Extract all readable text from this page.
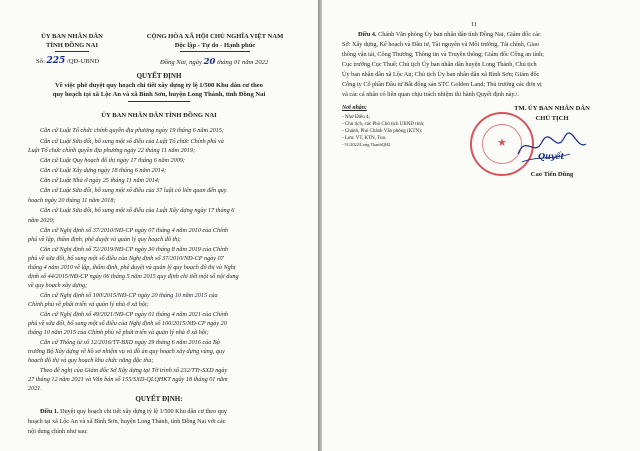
ỦY BAN NHÂN DÂN
TỈNH ĐỒNG NAI
CỘNG HÒA XÃ HỘI CHỦ NGHĨA VIỆT NAM
Độc lập - Tự do - Hạnh phúc
Số: 225 /QĐ-UBND	Đồng Nai, ngày 20 tháng 01 năm 2022
QUYẾT ĐỊNH
Về việc phê duyệt quy hoạch chi tiết xây dựng tỷ lệ 1/500 Khu dân cư theo
quy hoạch tại xã Lộc An và xã Bình Sơn, huyện Long Thành, tỉnh Đồng Nai
ỦY BAN NHÂN DÂN TỈNH ĐỒNG NAI
Căn cứ Luật Tổ chức chính quyền địa phương ngày 19 tháng 6 năm 2015;
Căn cứ Luật Sửa đổi, bổ sung một số điều của Luật Tổ chức Chính phủ và
Luật Tổ chức chính quyền địa phương ngày 22 tháng 11 năm 2019;
Căn cứ Luật Quy hoạch đô thị ngày 17 tháng 6 năm 2009;
Căn cứ Luật Xây dựng ngày 18 tháng 6 năm 2014;
Căn cứ Luật Nhà ở ngày 25 tháng 11 năm 2014;
Căn cứ Luật Sửa đổi, bổ sung một số điều của 37 luật có liên quan đến quy
hoạch ngày 20 tháng 11 năm 2018;
Căn cứ Luật Sửa đổi, bổ sung một số điều của Luật Xây dựng ngày 17 tháng 6
năm 2020;
Căn cứ Nghị định số 37/2010/NĐ-CP ngày 07 tháng 4 năm 2010 của Chính
phủ về lập, thẩm định, phê duyệt và quản lý quy hoạch đô thị;
Căn cứ Nghị định số 72/2019/NĐ-CP ngày 30 tháng 8 năm 2019 của Chính
phủ về sửa đổi, bổ sung một số điều của Nghị định số 37/2010/NĐ-CP ngày 07
tháng 4 năm 2010 về lập, thẩm định, phê duyệt và quản lý quy hoạch đô thị và Nghị
định số 44/2015/NĐ-CP ngày 06 tháng 5 năm 2015 quy định chi tiết một số nội dung
về quy hoạch xây dựng;
Căn cứ Nghị định số 100/2015/NĐ-CP ngày 20 tháng 10 năm 2015 của
Chính phủ về phát triển và quản lý nhà ở xã hội;
Căn cứ Nghị định số 49/2021/NĐ-CP ngày 01 tháng 4 năm 2021 của Chính
phủ về sửa đổi, bổ sung một số điều của Nghị định số 100/2015/NĐ-CP ngày 20
tháng 10 năm 2015 của Chính phủ về phát triển và quản lý nhà ở xã hội;
Căn cứ Thông tư số 12/2016/TT-BXD ngày 29 tháng 6 năm 2016 của Bộ
trưởng Bộ Xây dựng về hồ sơ nhiệm vụ và đồ án quy hoạch xây dựng vùng, quy
hoạch đô thị và quy hoạch khu chức năng đặc thù;
Theo đề nghị của Giám đốc Sở Xây dựng tại Tờ trình số 232/TTr-SXD ngày
27 tháng 12 năm 2021 và Văn bản số 155/SXD-QLQHKT ngày 18 tháng 01 năm
2021.
QUYẾT ĐỊNH:
Điều 1. Duyệt quy hoạch chi tiết xây dựng tỷ lệ 1/500 Khu dân cư theo quy
hoạch tại xã Lộc An và xã Bình Sơn, huyện Long Thành, tỉnh Đồng Nai với các
nội dung chính như sau:
11
Điều 4. Chánh Văn phòng Ủy ban nhân dân tỉnh Đồng Nai, Giám đốc các
Sở: Xây dựng, Kế hoạch và Đầu tư, Tài nguyên và Môi trường, Tài chính, Giao
thông vận tải, Công Thương, Thông tin và Truyền thông; Giám đốc Công an tỉnh;
Cục trưởng Cục Thuế; Chủ tịch Ủy ban nhân dân huyện Long Thành, Chủ tịch
Ủy ban nhân dân xã Lộc An; Chủ tịch Ủy ban nhân dân xã Bình Sơn; Giám đốc
Công ty Cổ phần Đầu tư Bất động sản STC Golden Land; Thủ trưởng các đơn vị
và các cá nhân có liên quan chịu trách nhiệm thi hành Quyết định này./.
Nơi nhận:
- Như Điều 4;
- Chủ tịch, các Phó Chủ tịch UBND tỉnh;
- Chánh, Phó Chánh Văn phòng (KTN);
- Lưu: VT, KTN, Tuo.
- 51/2022/Long ThanhQH2
TM. ỦY BAN NHÂN DÂN
CHỦ TỊCH
★
Quyết
Cao Tiến Dũng
